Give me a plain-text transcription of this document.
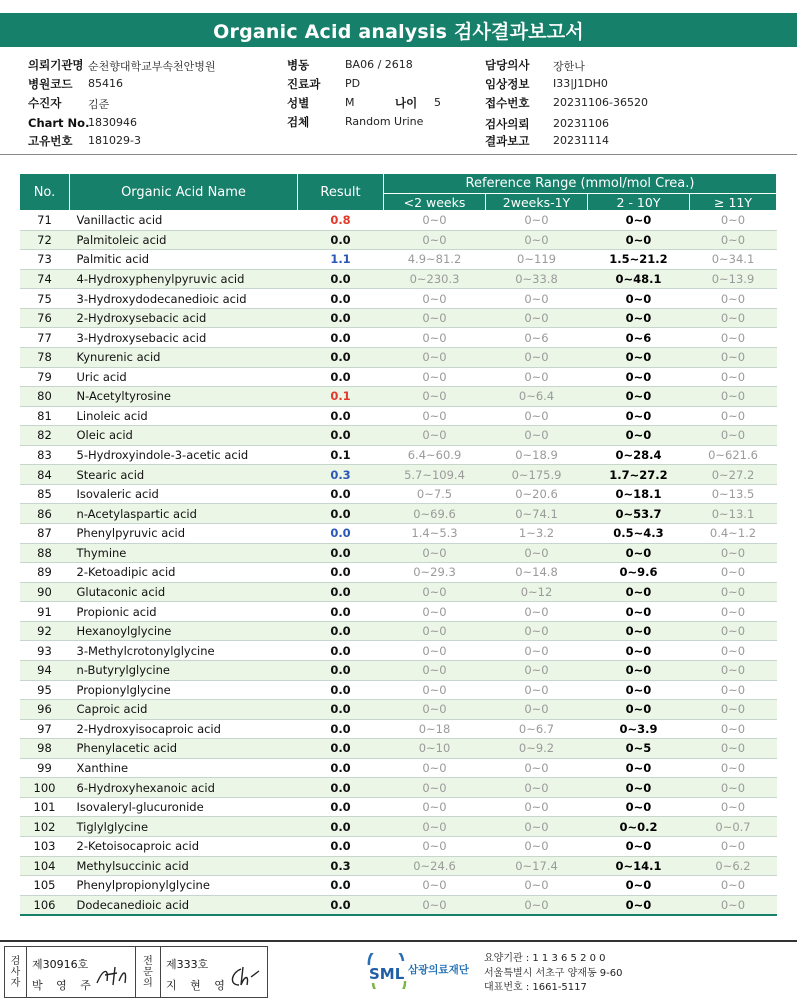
Organic Acid analysis 검사결과보고서
의뢰기관명 순천향대학교부속천안병원
병원코드 85416
수진자 김준
Chart No.
1830946
고유번호 181029-3
병동	BA06 / 2618
진료과 PD
성별	M	나이 5
검체	Random Urine
담당의사 장한나
임상정보 I33|J1DH0
접수번호 20231106-36520
검사의뢰 20231106
결과보고 20231114
No.	Organic Acid Name	Result	Reference Range (mmol/mol Crea.)			
			<2 weeks	2weeks-1Y	2 - 10Y	≥ 11Y
71	Vanillactic acid	0.8	0~0	0~0	0~0	0~0
72	Palmitoleic acid	0.0	0~0	0~0	0~0	0~0
73	Palmitic acid	1.1	4.9~81.2	0~119	1.5~21.2	0~34.1
74	4-Hydroxyphenylpyruvic acid	0.0	0~230.3	0~33.8	0~48.1	0~13.9
75	3-Hydroxydodecanedioic acid	0.0	0~0	0~0	0~0	0~0
76	2-Hydroxysebacic acid	0.0	0~0	0~0	0~0	0~0
77	3-Hydroxysebacic acid	0.0	0~0	0~6	0~6	0~0
78	Kynurenic acid	0.0	0~0	0~0	0~0	0~0
79	Uric acid	0.0	0~0	0~0	0~0	0~0
80	N-Acetyltyrosine	0.1	0~0	0~6.4	0~0	0~0
81	Linoleic acid	0.0	0~0	0~0	0~0	0~0
82	Oleic acid	0.0	0~0	0~0	0~0	0~0
83	5-Hydroxyindole-3-acetic acid	0.1	6.4~60.9	0~18.9	0~28.4	0~621.6
84	Stearic acid	0.3	5.7~109.4	0~175.9	1.7~27.2	0~27.2
85	Isovaleric acid	0.0	0~7.5	0~20.6	0~18.1	0~13.5
86	n-Acetylaspartic acid	0.0	0~69.6	0~74.1	0~53.7	0~13.1
87	Phenylpyruvic acid	0.0	1.4~5.3	1~3.2	0.5~4.3	0.4~1.2
88	Thymine	0.0	0~0	0~0	0~0	0~0
89	2-Ketoadipic acid	0.0	0~29.3	0~14.8	0~9.6	0~0
90	Glutaconic acid	0.0	0~0	0~12	0~0	0~0
91	Propionic acid	0.0	0~0	0~0	0~0	0~0
92	Hexanoylglycine	0.0	0~0	0~0	0~0	0~0
93	3-Methylcrotonylglycine	0.0	0~0	0~0	0~0	0~0
94	n-Butyrylglycine	0.0	0~0	0~0	0~0	0~0
95	Propionylglycine	0.0	0~0	0~0	0~0	0~0
96	Caproic acid	0.0	0~0	0~0	0~0	0~0
97	2-Hydroxyisocaproic acid	0.0	0~18	0~6.7	0~3.9	0~0
98	Phenylacetic acid	0.0	0~10	0~9.2	0~5	0~0
99	Xanthine	0.0	0~0	0~0	0~0	0~0
100	6-Hydroxyhexanoic acid	0.0	0~0	0~0	0~0	0~0
101	Isovaleryl-glucuronide	0.0	0~0	0~0	0~0	0~0
102	Tiglylglycine	0.0	0~0	0~0	0~0.2	0~0.7
103	2-Ketoisocaproic acid	0.0	0~0	0~0	0~0	0~0
104	Methylsuccinic acid	0.3	0~24.6	0~17.4	0~14.1	0~6.2
105	Phenylpropionylglycine	0.0	0~0	0~0	0~0	0~0
106	Dodecanedioic acid	0.0	0~0	0~0	0~0	0~0
검
사
자
제30916호
박 영 주
전
문
의
제333호
지 현 영
SML 삼광의료재단
요양기관 : 1 1 3 6 5 2 0 0
서울특별시 서초구 양재동 9-60
대표번호 : 1661-5117
